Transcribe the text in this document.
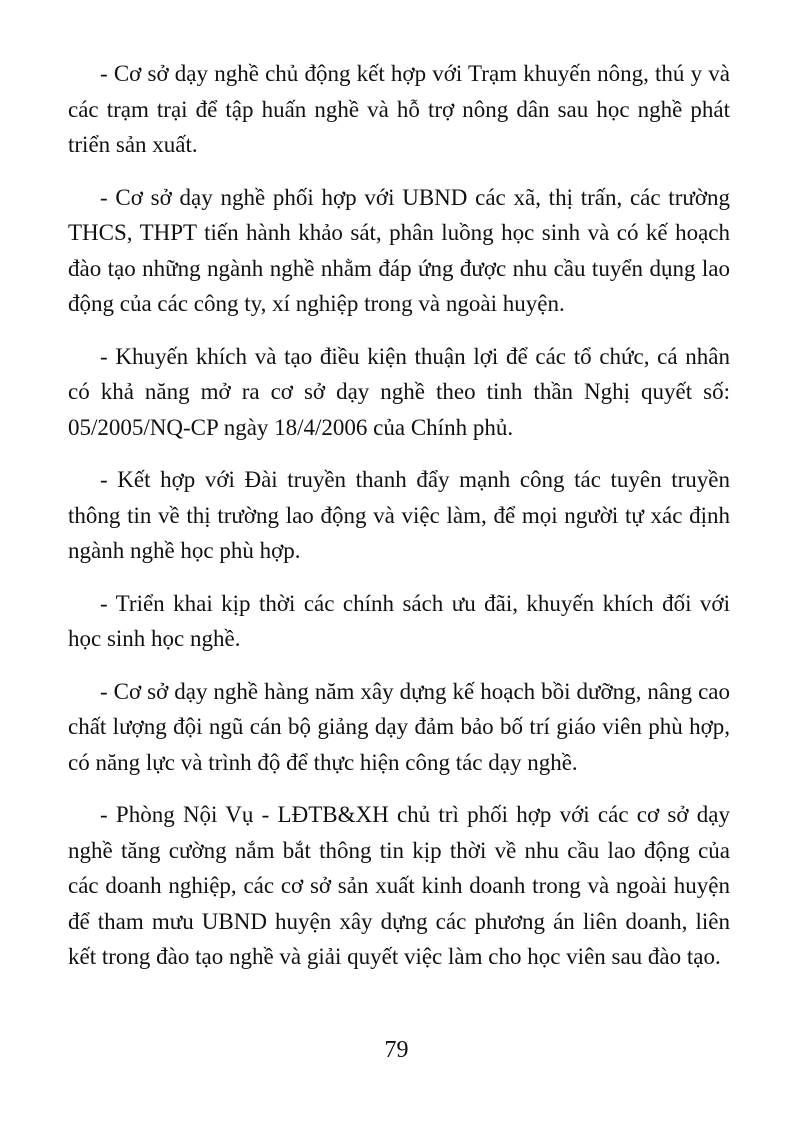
- Cơ sở dạy nghề chủ động kết hợp với Trạm khuyến nông, thú y và các trạm trại để tập huấn nghề và hỗ trợ nông dân sau học nghề phát triển sản xuất.

- Cơ sở dạy nghề phối hợp với UBND các xã, thị trấn, các trường THCS, THPT tiến hành khảo sát, phân luồng học sinh và có kế hoạch đào tạo những ngành nghề nhằm đáp ứng được nhu cầu tuyển dụng lao động của các công ty, xí nghiệp trong và ngoài huyện.

- Khuyến khích và tạo điều kiện thuận lợi để các tổ chức, cá nhân có khả năng mở ra cơ sở dạy nghề theo tinh thần Nghị quyết số: 05/2005/NQ-CP ngày 18/4/2006 của Chính phủ.

- Kết hợp với Đài truyền thanh đẩy mạnh công tác tuyên truyền thông tin về thị trường lao động và việc làm, để mọi người tự xác định ngành nghề học phù hợp.

- Triển khai kịp thời các chính sách ưu đãi, khuyến khích đối với học sinh học nghề.

- Cơ sở dạy nghề hàng năm xây dựng kế hoạch bồi dưỡng, nâng cao chất lượng đội ngũ cán bộ giảng dạy đảm bảo bố trí giáo viên phù hợp, có năng lực và trình độ để thực hiện công tác dạy nghề.

- Phòng Nội Vụ - LĐTB&XH chủ trì phối hợp với các cơ sở dạy nghề tăng cường nắm bắt thông tin kịp thời về nhu cầu lao động của các doanh nghiệp, các cơ sở sản xuất kinh doanh trong và ngoài huyện để tham mưu UBND huyện xây dựng các phương án liên doanh, liên kết trong đào tạo nghề và giải quyết việc làm cho học viên sau đào tạo.

79
